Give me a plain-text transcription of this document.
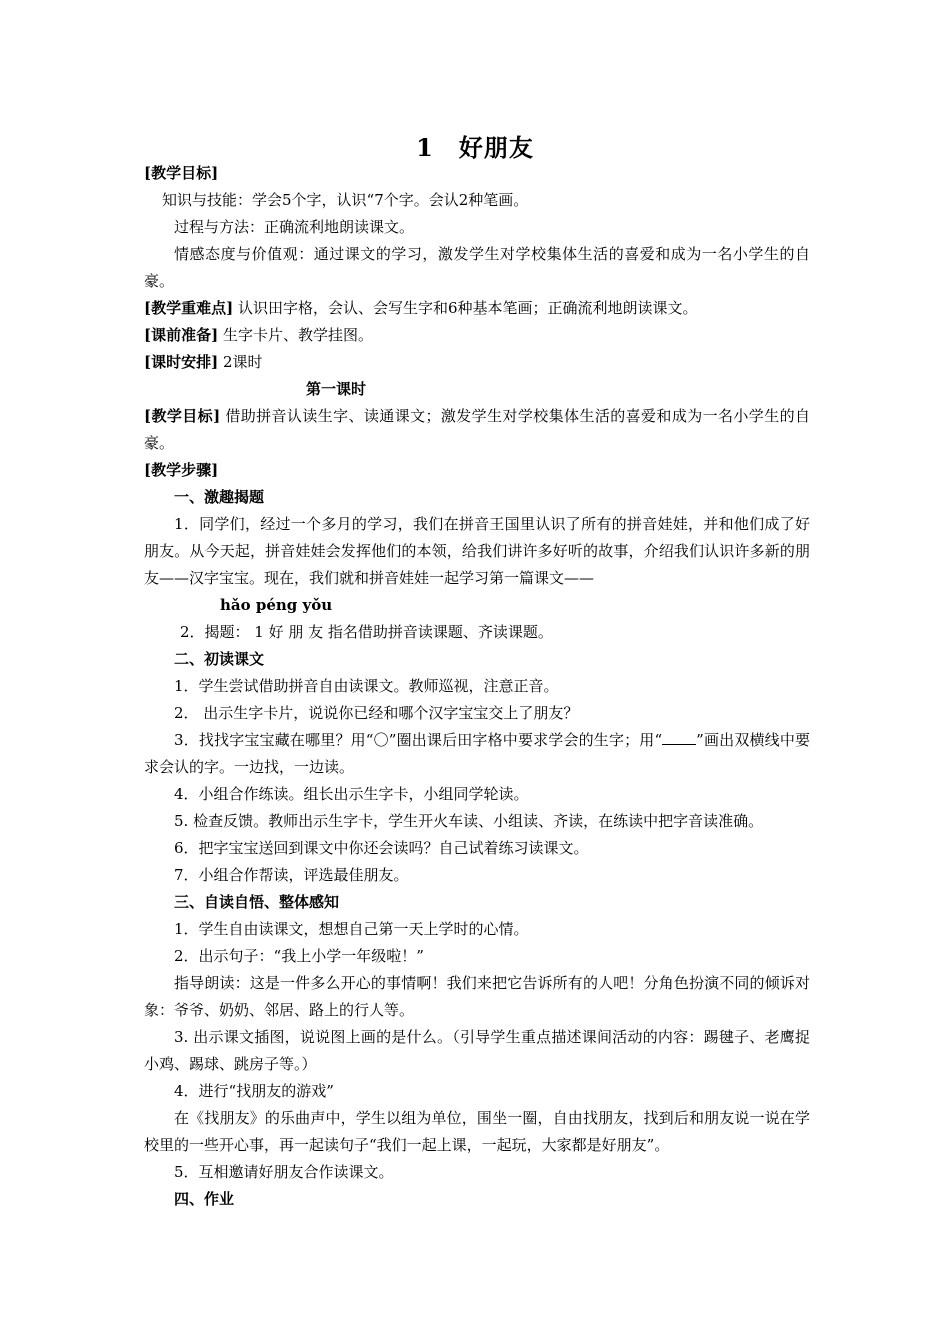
1　好朋友

[教学目标]

知识与技能：学会5个字，认识“7个字。会认2种笔画。

过程与方法：正确流利地朗读课文。

情感态度与价值观：通过课文的学习，激发学生对学校集体生活的喜爱和成为一名小学生的自豪。

[教学重难点] 认识田字格，会认、会写生字和6种基本笔画；正确流利地朗读课文。

[课前准备] 生字卡片、教学挂图。

[课时安排] 2课时

第一课时

[教学目标] 借助拼音认读生字、读通课文；激发学生对学校集体生活的喜爱和成为一名小学生的自豪。

[教学步骤]

一、激趣揭题

1．同学们，经过一个多月的学习，我们在拼音王国里认识了所有的拼音娃娃，并和他们成了好朋友。从今天起，拼音娃娃会发挥他们的本领，给我们讲许多好听的故事，介绍我们认识许多新的朋友——汉字宝宝。现在，我们就和拼音娃娃一起学习第一篇课文——

hǎo péng yǒu

2．揭题： 1 好 朋 友 指名借助拼音读课题、齐读课题。

二、初读课文

1．学生尝试借助拼音自由读课文。教师巡视，注意正音。

2． 出示生字卡片，说说你已经和哪个汉字宝宝交上了朋友？

3．找找字宝宝藏在哪里？用“〇”圈出课后田字格中要求学会的生字；用“ ”画出双横线中要求会认的字。一边找，一边读。

4．小组合作练读。组长出示生字卡，小组同学轮读。

5. 检查反馈。教师出示生字卡，学生开火车读、小组读、齐读，在练读中把字音读准确。

6．把字宝宝送回到课文中你还会读吗？自己试着练习读课文。

7．小组合作帮读，评选最佳朋友。

三、自读自悟、整体感知

1．学生自由读课文，想想自己第一天上学时的心情。

2．出示句子：“我上小学一年级啦！”

指导朗读：这是一件多么开心的事情啊！我们来把它告诉所有的人吧！分角色扮演不同的倾诉对象：爷爷、奶奶、邻居、路上的行人等。

3. 出示课文插图，说说图上画的是什么。（引导学生重点描述课间活动的内容：踢毽子、老鹰捉小鸡、踢球、跳房子等。）

4．进行“找朋友的游戏”

在《找朋友》的乐曲声中，学生以组为单位，围坐一圈，自由找朋友，找到后和朋友说一说在学校里的一些开心事，再一起读句子“我们一起上课，一起玩，大家都是好朋友”。

5．互相邀请好朋友合作读课文。

四、作业
